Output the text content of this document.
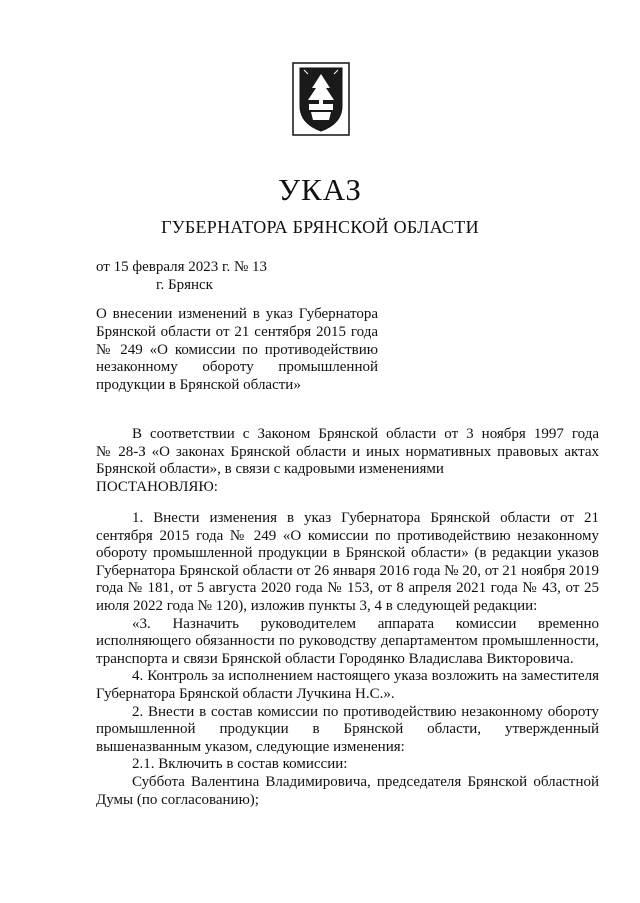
УКАЗ
ГУБЕРНАТОРА БРЯНСКОЙ ОБЛАСТИ
от 15 февраля 2023 г. № 13
г. Брянск
О внесении изменений в указ Губернатора
Брянской области от 21 сентября 2015 года
№ 249 «О комиссии по противодействию
незаконному обороту промышленной
продукции в Брянской области»

В соответствии с Законом Брянской области от 3 ноября 1997 года

№ 28-З «О законах Брянской области и иных нормативных правовых актах

Брянской области», в связи с кадровыми изменениями

ПОСТАНОВЛЯЮ:

1. Внести изменения в указ Губернатора Брянской области от 21 сентября 2015 года № 249 «О комиссии по противодействию незаконному обороту промышленной продукции в Брянской области» (в редакции указов Губернатора Брянской области от 26 января 2016 года № 20, от 21 ноября 2019 года № 181, от 5 августа 2020 года № 153, от 8 апреля 2021 года № 43, от 25 июля 2022 года № 120), изложив пункты 3, 4 в следующей редакции:

«3. Назначить руководителем аппарата комиссии временно исполняющего обязанности по руководству департаментом промышленности, транспорта и связи Брянской области Городянко Владислава Викторовича.

4. Контроль за исполнением настоящего указа возложить на заместителя Губернатора Брянской области Лучкина Н.С.».

2. Внести в состав комиссии по противодействию незаконному обороту промышленной продукции в Брянской области, утвержденный вышеназванным указом, следующие изменения:

2.1. Включить в состав комиссии:

Суббота Валентина Владимировича, председателя Брянской областной Думы (по согласованию);
